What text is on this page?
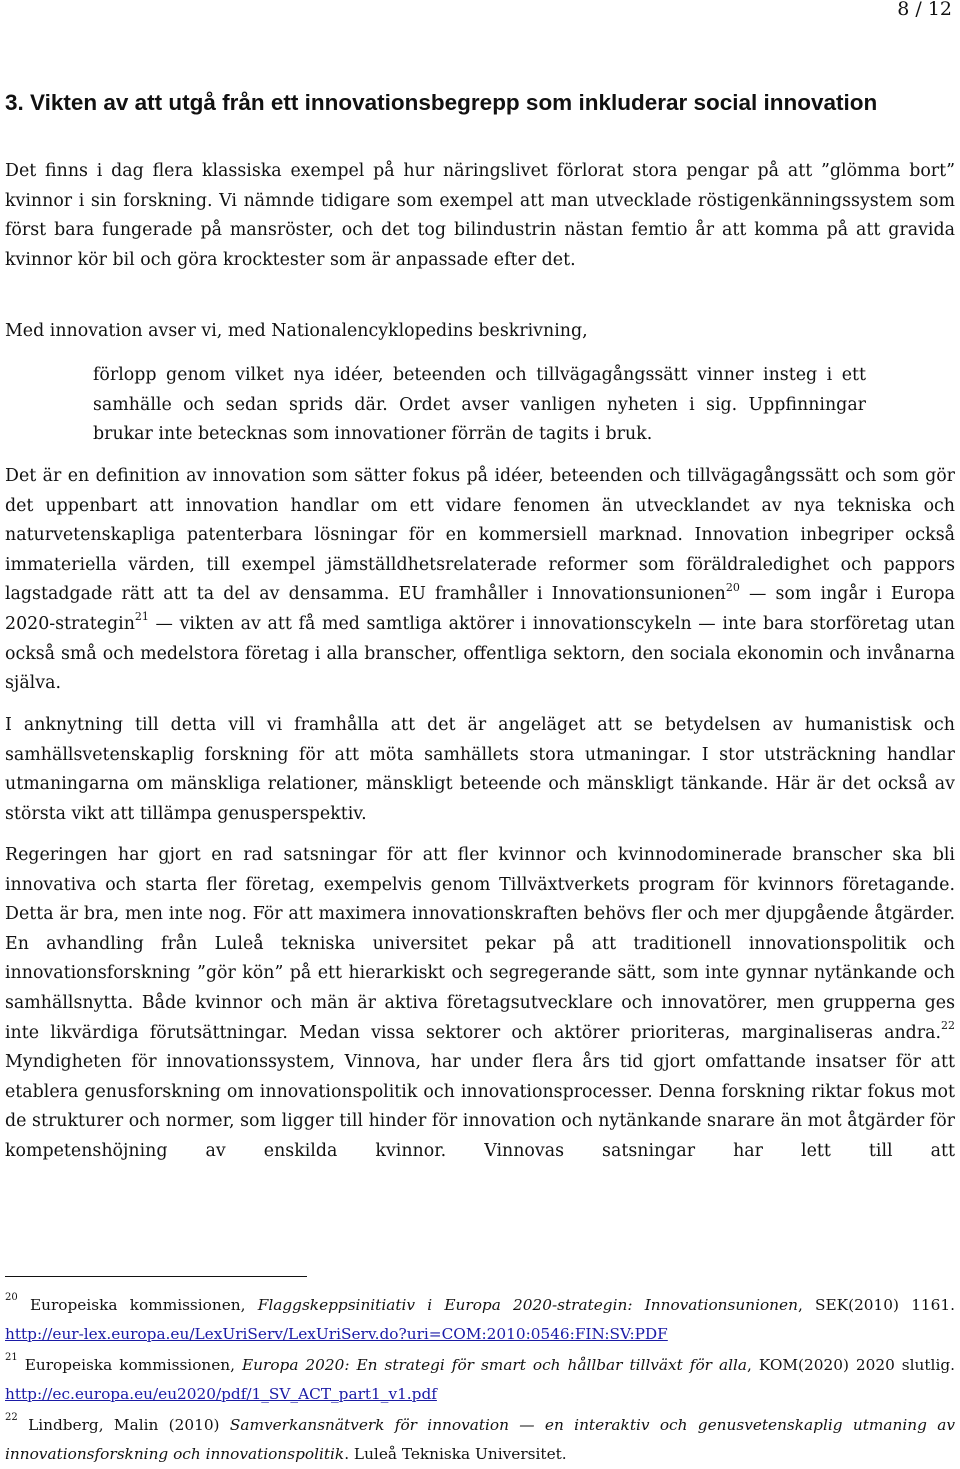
8 / 12
3. Vikten av att utgå från ett innovationsbegrepp som inkluderar social innovation

Det finns i dag flera klassiska exempel på hur näringslivet förlorat stora pengar på att ”glömma bort” kvinnor i sin forskning. Vi nämnde tidigare som exempel att man utvecklade röstigenkänningssystem som först bara fungerade på mansröster, och det tog bilindustrin nästan femtio år att komma på att gravida kvinnor kör bil och göra krocktester som är anpassade efter det.

Med innovation avser vi, med Nationalencyklopedins beskrivning,

förlopp genom vilket nya idéer, beteenden och tillvägagångssätt vinner insteg i ett samhälle och sedan sprids där. Ordet avser vanligen nyheten i sig. Uppfinningar brukar inte betecknas som innovationer förrän de tagits i bruk.

Det är en definition av innovation som sätter fokus på idéer, beteenden och tillvägagångssätt och som gör det uppenbart att innovation handlar om ett vidare fenomen än utvecklandet av nya tekniska och naturvetenskapliga patenterbara lösningar för en kommersiell marknad. Innovation inbegriper också immateriella värden, till exempel jämställdhetsrelaterade reformer som föräldraledighet och pappors lagstadgade rätt att ta del av densamma. EU framhåller i Innovationsunionen$^{20}$ — som ingår i Europa 2020-strategin$^{21}$ — vikten av att få med samtliga aktörer i innovationscykeln — inte bara storföretag utan också små och medelstora företag i alla branscher, offentliga sektorn, den sociala ekonomin och invånarna själva.

I anknytning till detta vill vi framhålla att det är angeläget att se betydelsen av humanistisk och samhällsvetenskaplig forskning för att möta samhällets stora utmaningar. I stor utsträckning handlar utmaningarna om mänskliga relationer, mänskligt beteende och mänskligt tänkande. Här är det också av största vikt att tillämpa genusperspektiv.

Regeringen har gjort en rad satsningar för att fler kvinnor och kvinnodominerade branscher ska bli innovativa och starta fler företag, exempelvis genom Tillväxtverkets program för kvinnors företagande. Detta är bra, men inte nog. För att maximera innovationskraften behövs fler och mer djupgående åtgärder. En avhandling från Luleå tekniska universitet pekar på att traditionell innovationspolitik och innovationsforskning ”gör kön” på ett hierarkiskt och segregerande sätt, som inte gynnar nytänkande och samhällsnytta. Både kvinnor och män är aktiva företagsutvecklare och innovatörer, men grupperna ges inte likvärdiga förutsättningar. Medan vissa sektorer och aktörer prioriteras, marginaliseras andra.$^{22}$ Myndigheten för innovationssystem, Vinnova, har under flera års tid gjort omfattande insatser för att etablera genusforskning om innovationspolitik och innovationsprocesser. Denna forskning riktar fokus mot de strukturer och normer, som ligger till hinder för innovation och nytänkande snarare än mot åtgärder för kompetenshöjning av enskilda kvinnor. Vinnovas satsningar har lett till att

$^{20}$ Europeiska kommissionen, Flaggskeppsinitiativ i Europa 2020-strategin: Innovationsunionen, SEK(2010) 1161. http://eur-lex.europa.eu/LexUriServ/LexUriServ.do?uri=COM:2010:0546:FIN:SV:PDF

$^{21}$ Europeiska kommissionen, Europa 2020: En strategi för smart och hållbar tillväxt för alla, KOM(2020) 2020 slutlig. http://ec.europa.eu/eu2020/pdf/1_SV_ACT_part1_v1.pdf

$^{22}$ Lindberg, Malin (2010) Samverkansnätverk för innovation — en interaktiv och genusvetenskaplig utmaning av innovationsforskning och innovationspolitik. Luleå Tekniska Universitet.
